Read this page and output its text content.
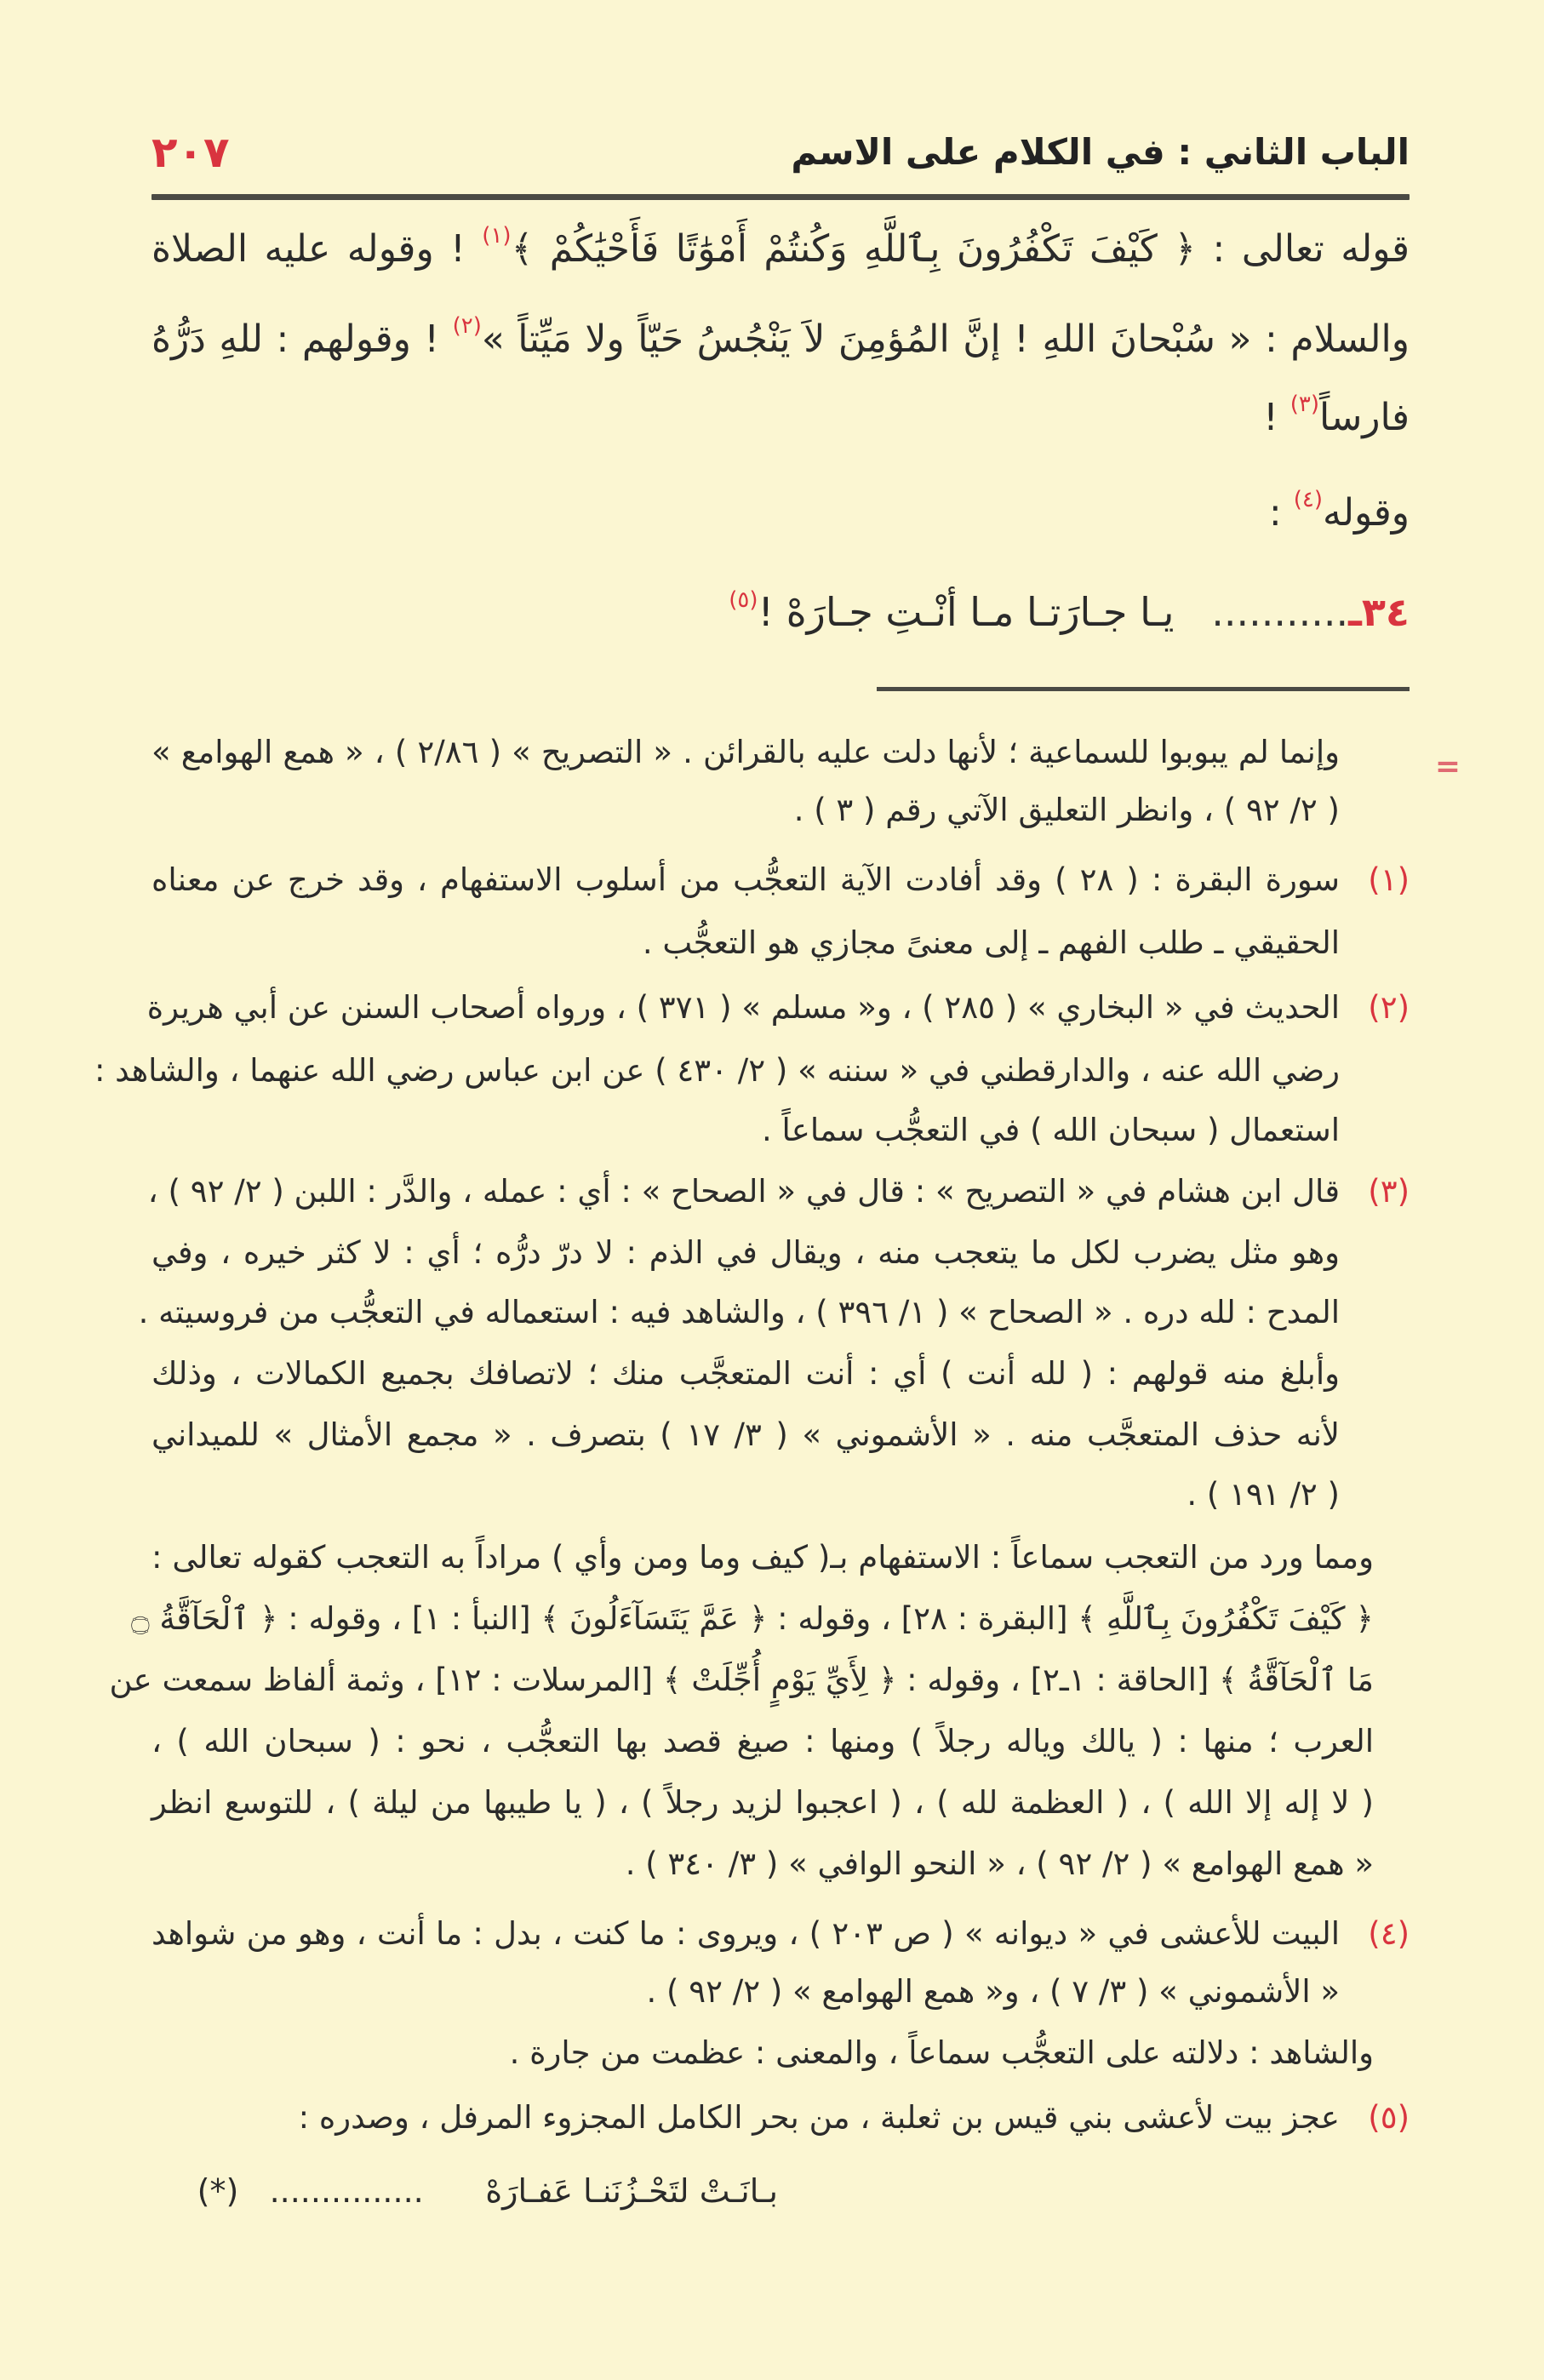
الباب الثاني : في الكلام على الاسم
٢٠٧
قوله تعالى : ﴿ كَيْفَ تَكْفُرُونَ بِٱللَّهِ وَكُنتُمْ أَمْوَٰتًا فَأَحْيَٰكُمْ ﴾$^{(١)}$ ! وقوله عليه الصلاة
والسلام : « سُبْحانَ اللهِ ! إنَّ المُؤمِنَ لاَ يَنْجُسُ حَيّاً ولا مَيِّتاً »$^{(٢)}$ ! وقولهم : للهِ دَرُّهُ
فارساً$^{(٣)}$ !
وقوله$^{(٤)}$ :
٣٤ـ...........   يـا جـارَتـا مـا أنْـتِ جـارَهْ !$^{(٥)}$
=
وإنما لم يبوبوا للسماعية ؛ لأنها دلت عليه بالقرائن . « التصريح » ( ٢/٨٦ ) ، « همع الهوامع »
( ٢/ ٩٢ ) ، وانظر التعليق الآتي رقم ( ٣ ) .
(١)
سورة البقرة : ( ٢٨ ) وقد أفادت الآية التعجُّب من أسلوب الاستفهام ، وقد خرج عن معناه
الحقيقي ـ طلب الفهم ـ إلى معنىً مجازي هو التعجُّب .
(٢)
الحديث في « البخاري » ( ٢٨٥ ) ، و« مسلم » ( ٣٧١ ) ، ورواه أصحاب السنن عن أبي هريرة
رضي الله عنه ، والدارقطني في « سننه » ( ٢/ ٤٣٠ ) عن ابن عباس رضي الله عنهما ، والشاهد :
استعمال ( سبحان الله ) في التعجُّب سماعاً .
(٣)
قال ابن هشام في « التصريح » : قال في « الصحاح » : أي : عمله ، والدَّر : اللبن ( ٢/ ٩٢ ) ،
وهو مثل يضرب لكل ما يتعجب منه ، ويقال في الذم : لا درّ درُّه ؛ أي : لا كثر خيره ، وفي
المدح : لله دره . « الصحاح » ( ١/ ٣٩٦ ) ، والشاهد فيه : استعماله في التعجُّب من فروسيته .
وأبلغ منه قولهم : ( لله أنت ) أي : أنت المتعجَّب منك ؛ لاتصافك بجميع الكمالات ، وذلك
لأنه حذف المتعجَّب منه . « الأشموني » ( ٣/ ١٧ ) بتصرف . « مجمع الأمثال » للميداني
( ٢/ ١٩١ ) .
ومما ورد من التعجب سماعاً : الاستفهام بـ( كيف وما ومن وأي ) مراداً به التعجب كقوله تعالى :
﴿ كَيْفَ تَكْفُرُونَ بِٱللَّهِ ﴾ [البقرة : ٢٨] ، وقوله : ﴿ عَمَّ يَتَسَآءَلُونَ ﴾ [النبأ : ١] ، وقوله : ﴿ ٱلْحَآقَّةُ ۝
مَا ٱلْحَآقَّةُ ﴾ [الحاقة : ١ـ٢] ، وقوله : ﴿ لِأَيِّ يَوْمٍ أُجِّلَتْ ﴾ [المرسلات : ١٢] ، وثمة ألفاظ سمعت عن
العرب ؛ منها : ( يالك وياله رجلاً ) ومنها : صيغ قصد بها التعجُّب ، نحو : ( سبحان الله ) ،
( لا إله إلا الله ) ، ( العظمة لله ) ، ( اعجبوا لزيد رجلاً ) ، ( يا طيبها من ليلة ) ، للتوسع انظر
« همع الهوامع » ( ٢/ ٩٢ ) ، « النحو الوافي » ( ٣/ ٣٤٠ ) .
(٤)
البيت للأعشى في « ديوانه » ( ص ٢٠٣ ) ، ويروى : ما كنت ، بدل : ما أنت ، وهو من شواهد
« الأشموني » ( ٣/ ٧ ) ، و« همع الهوامع » ( ٢/ ٩٢ ) .
والشاهد : دلالته على التعجُّب سماعاً ، والمعنى : عظمت من جارة .
(٥)
عجز بيت لأعشى بني قيس بن ثعلبة ، من بحر الكامل المجزوء المرفل ، وصدره :
بـانَـتْ لتَحْـزُنَنـا عَفـارَهْ      ...............   (*)
